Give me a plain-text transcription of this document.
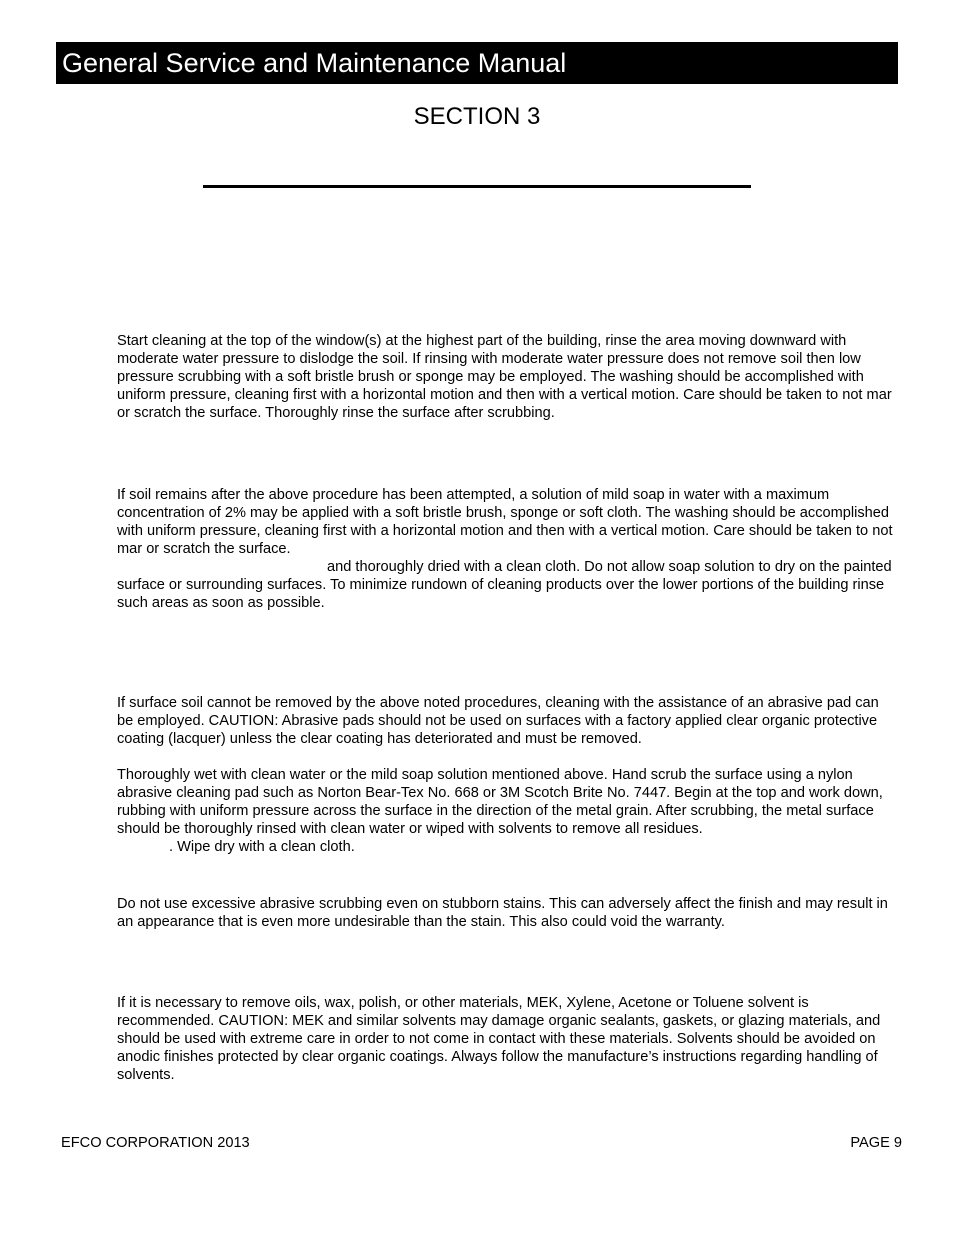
General Service and Maintenance Manual
SECTION 3

Start cleaning at the top of the window(s) at the highest part of the building, rinse the area moving downward with moderate water pressure to dislodge the soil. If rinsing with moderate water pressure does not remove soil then low pressure scrubbing with a soft bristle brush or sponge may be employed. The washing should be accomplished with uniform pressure, cleaning first with a horizontal motion and then with a vertical motion. Care should be taken to not mar or scratch the surface. Thoroughly rinse the surface after scrubbing.

If soil remains after the above procedure has been attempted, a solution of mild soap in water with a maximum concentration of 2% may be applied with a soft bristle brush, sponge or soft cloth. The washing should be accomplished with uniform pressure, cleaning first with a horizontal motion and then with a vertical motion. Care should be taken to not mar or scratch the surface.
and thoroughly dried with a clean cloth. Do not allow soap solution to dry on the painted surface or surrounding surfaces. To minimize rundown of cleaning products over the lower portions of the building rinse such areas as soon as possible.

If surface soil cannot be removed by the above noted procedures, cleaning with the assistance of an abrasive pad can be employed. CAUTION: Abrasive pads should not be used on surfaces with a factory applied clear organic protective coating (lacquer) unless the clear coating has deteriorated and must be removed.

Thoroughly wet with clean water or the mild soap solution mentioned above. Hand scrub the surface using a nylon abrasive cleaning pad such as Norton Bear-Tex No. 668 or 3M Scotch Brite No. 7447. Begin at the top and work down, rubbing with uniform pressure across the surface in the direction of the metal grain. After scrubbing, the metal surface should be thoroughly rinsed with clean water or wiped with solvents to remove all residues.
. Wipe dry with a clean cloth.

Do not use excessive abrasive scrubbing even on stubborn stains. This can adversely affect the finish and may result in an appearance that is even more undesirable than the stain. This also could void the warranty.

If it is necessary to remove oils, wax, polish, or other materials, MEK, Xylene, Acetone or Toluene solvent is recommended. CAUTION: MEK and similar solvents may damage organic sealants, gaskets, or glazing materials, and should be used with extreme care in order to not come in contact with these materials. Solvents should be avoided on anodic finishes protected by clear organic coatings. Always follow the manufacture’s instructions regarding handling of solvents.

EFCO CORPORATION 2013	PAGE 9
